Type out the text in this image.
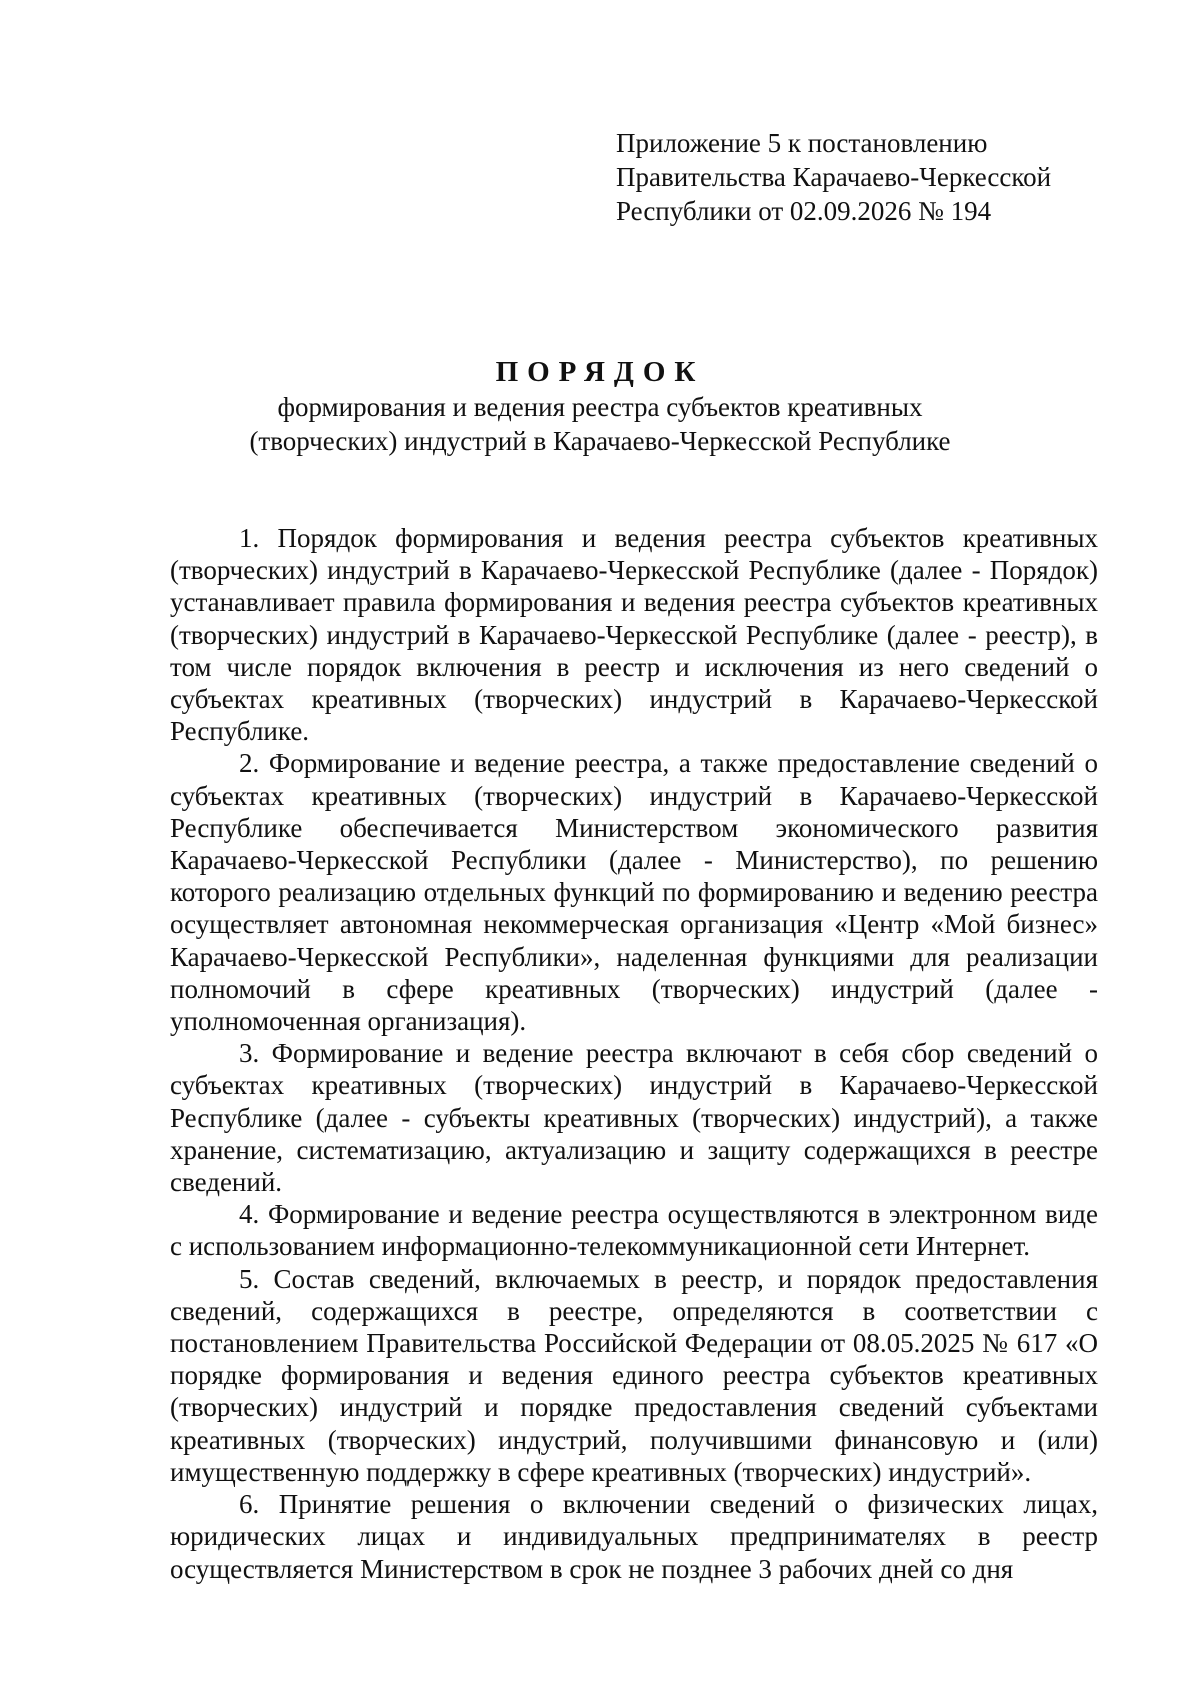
Приложение 5 к постановлению
Правительства Карачаево-Черкесской
Республики от 02.09.2026 № 194
ПОРЯДОК
формирования и ведения реестра субъектов креативных
(творческих) индустрий в Карачаево-Черкесской Республике

1. Порядок формирования и ведения реестра субъектов креативных (творческих) индустрий в Карачаево-Черкесской Республике (далее - Порядок) устанавливает правила формирования и ведения реестра субъектов креативных (творческих) индустрий в Карачаево-Черкесской Республике (далее - реестр), в том числе порядок включения в реестр и исключения из него сведений о субъектах креативных (творческих) индустрий в Карачаево-Черкесской Республике.

2. Формирование и ведение реестра, а также предоставление сведений о субъектах креативных (творческих) индустрий в Карачаево-Черкесской Республике обеспечивается Министерством экономического развития Карачаево-Черкесской Республики (далее - Министерство), по решению которого реализацию отдельных функций по формированию и ведению реестра осуществляет автономная некоммерческая организация «Центр «Мой бизнес» Карачаево-Черкесской Республики», наделенная функциями для реализации полномочий в сфере креативных (творческих) индустрий (далее - уполномоченная организация).

3. Формирование и ведение реестра включают в себя сбор сведений о субъектах креативных (творческих) индустрий в Карачаево-Черкесской Республике (далее - субъекты креативных (творческих) индустрий), а также хранение, систематизацию, актуализацию и защиту содержащихся в реестре сведений.

4. Формирование и ведение реестра осуществляются в электронном виде с использованием информационно-телекоммуникационной сети Интернет.

5. Состав сведений, включаемых в реестр, и порядок предоставления сведений, содержащихся в реестре, определяются в соответствии с постановлением Правительства Российской Федерации от 08.05.2025 № 617 «О порядке формирования и ведения единого реестра субъектов креативных (творческих) индустрий и порядке предоставления сведений субъектами креативных (творческих) индустрий, получившими финансовую и (или) имущественную поддержку в сфере креативных (творческих) индустрий».

6. Принятие решения о включении сведений о физических лицах, юридических лицах и индивидуальных предпринимателях в реестр осуществляется Министерством в срок не позднее 3 рабочих дней со дня
